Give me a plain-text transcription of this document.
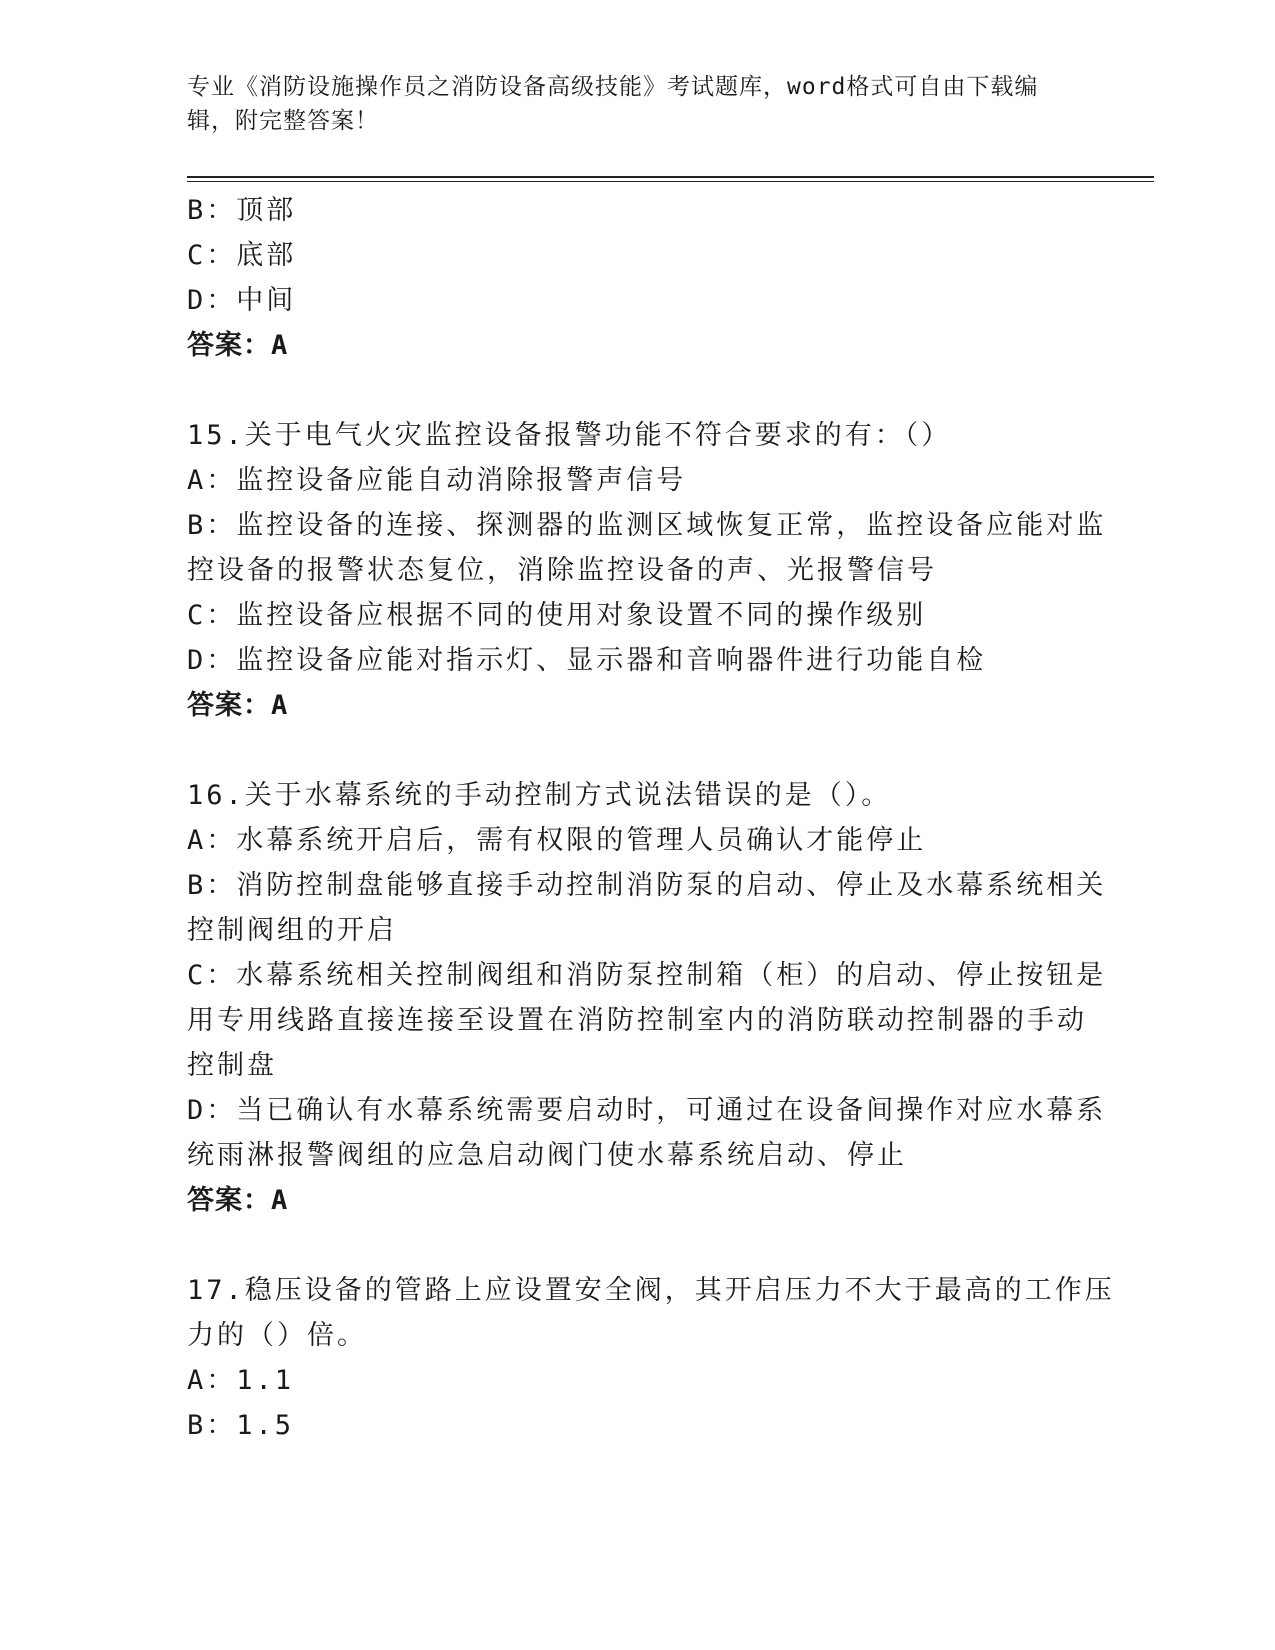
专业《消防设施操作员之消防设备高级技能》考试题库，word格式可自由下载编
辑，附完整答案！
B：顶部
C：底部
D：中间
答案：A
15.关于电气火灾监控设备报警功能不符合要求的有：（）
A：监控设备应能自动消除报警声信号
B：监控设备的连接、探测器的监测区域恢复正常，监控设备应能对监
控设备的报警状态复位，消除监控设备的声、光报警信号
C：监控设备应根据不同的使用对象设置不同的操作级别
D：监控设备应能对指示灯、显示器和音响器件进行功能自检
答案：A
16.关于水幕系统的手动控制方式说法错误的是（）。
A：水幕系统开启后，需有权限的管理人员确认才能停止
B：消防控制盘能够直接手动控制消防泵的启动、停止及水幕系统相关
控制阀组的开启
C：水幕系统相关控制阀组和消防泵控制箱（柜）的启动、停止按钮是
用专用线路直接连接至设置在消防控制室内的消防联动控制器的手动
控制盘
D：当已确认有水幕系统需要启动时，可通过在设备间操作对应水幕系
统雨淋报警阀组的应急启动阀门使水幕系统启动、停止
答案：A
17.稳压设备的管路上应设置安全阀，其开启压力不大于最高的工作压
力的（）倍。
A：1.1
B：1.5
